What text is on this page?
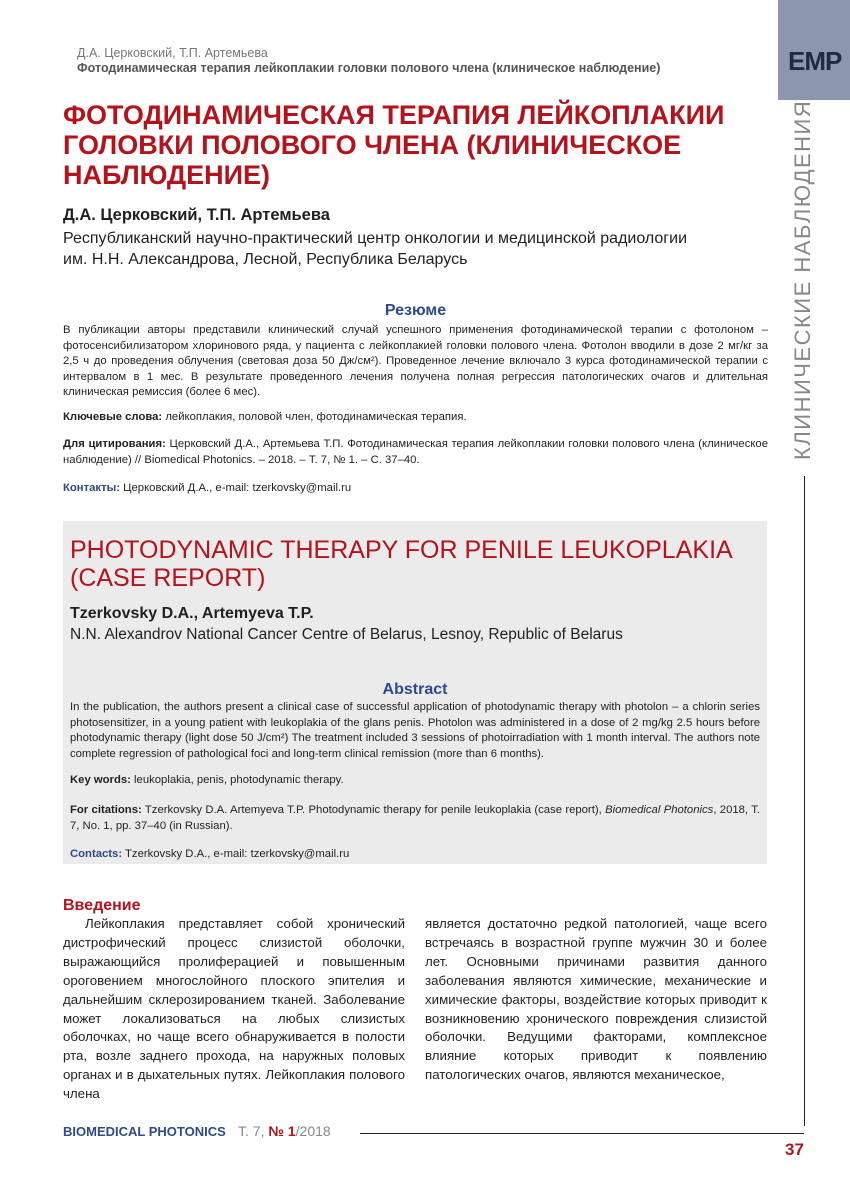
Д.А. Церковский, Т.П. Артемьева
Фотодинамическая терапия лейкоплакии головки полового члена (клиническое наблюдение)	ЕМР
КЛИНИЧЕСКИЕ НАБЛЮДЕНИЯ
ФОТОДИНАМИЧЕСКАЯ ТЕРАПИЯ ЛЕЙКОПЛАКИИ ГОЛОВКИ ПОЛОВОГО ЧЛЕНА (КЛИНИЧЕСКОЕ НАБЛЮДЕНИЕ)
Д.А. Церковский, Т.П. Артемьева
Республиканский научно-практический центр онкологии и медицинской радиологии
им. Н.Н. Александрова, Лесной, Республика Беларусь
Резюме
В публикации авторы представили клинический случай успешного применения фотодинамической терапии с фотолоном – фотосенсибилизатором хлоринового ряда, у пациента с лейкоплакией головки полового члена. Фотолон вводили в дозе 2 мг/кг за 2,5 ч до проведения облучения (световая доза 50 Дж/см²). Проведенное лечение включало 3 курса фотодинамической терапии с интервалом в 1 мес. В результате проведенного лечения получена полная регрессия патологических очагов и длительная клиническая ремиссия (более 6 мес).
Ключевые слова: лейкоплакия, половой член, фотодинамическая терапия.
Для цитирования: Церковский Д.А., Артемьева Т.П. Фотодинамическая терапия лейкоплакии головки полового члена (клиническое наблюдение) // Biomedical Photonics. – 2018. – Т. 7, № 1. – С. 37–40.
Контакты: Церковский Д.А., e-mail: tzerkovsky@mail.ru
PHOTODYNAMIC THERAPY FOR PENILE LEUKOPLAKIA (CASE REPORT)
Tzerkovsky D.A., Artemyeva T.P.
N.N. Alexandrov National Cancer Centre of Belarus, Lesnoy, Republic of Belarus
Abstract
In the publication, the authors present a clinical case of successful application of photodynamic therapy with photolon – a chlorin series photosensitizer, in a young patient with leukoplakia of the glans penis. Photolon was administered in a dose of 2 mg/kg 2.5 hours before photodynamic therapy (light dose 50 J/cm²) The treatment included 3 sessions of photoirradiation with 1 month interval. The authors note complete regression of pathological foci and long-term clinical remission (more than 6 months).
Key words: leukoplakia, penis, photodynamic therapy.
For citations: Tzerkovsky D.A. Artemyeva T.P. Photodynamic therapy for penile leukoplakia (case report), Biomedical Photonics, 2018, T. 7, No. 1, pp. 37–40 (in Russian).
Contacts: Tzerkovsky D.A., e-mail: tzerkovsky@mail.ru
Введение
Лейкоплакия представляет собой хронический дистрофический процесс слизистой оболочки, выражающийся пролиферацией и повышенным ороговением многослойного плоского эпителия и дальнейшим склерозированием тканей. Заболевание может локализоваться на любых слизистых оболочках, но чаще всего обнаруживается в полости рта, возле заднего прохода, на наружных половых органах и в дыхательных путях. Лейкоплакия полового члена
является достаточно редкой патологией, чаще всего встречаясь в возрастной группе мужчин 30 и более лет. Основными причинами развития данного заболевания являются химические, механические и химические факторы, воздействие которых приводит к возникновению хронического повреждения слизистой оболочки. Ведущими факторами, комплексное влияние которых приводит к появлению патологических очагов, являются механическое,
BIOMEDICAL PHOTONICS Т. 7, № 1/2018
37
